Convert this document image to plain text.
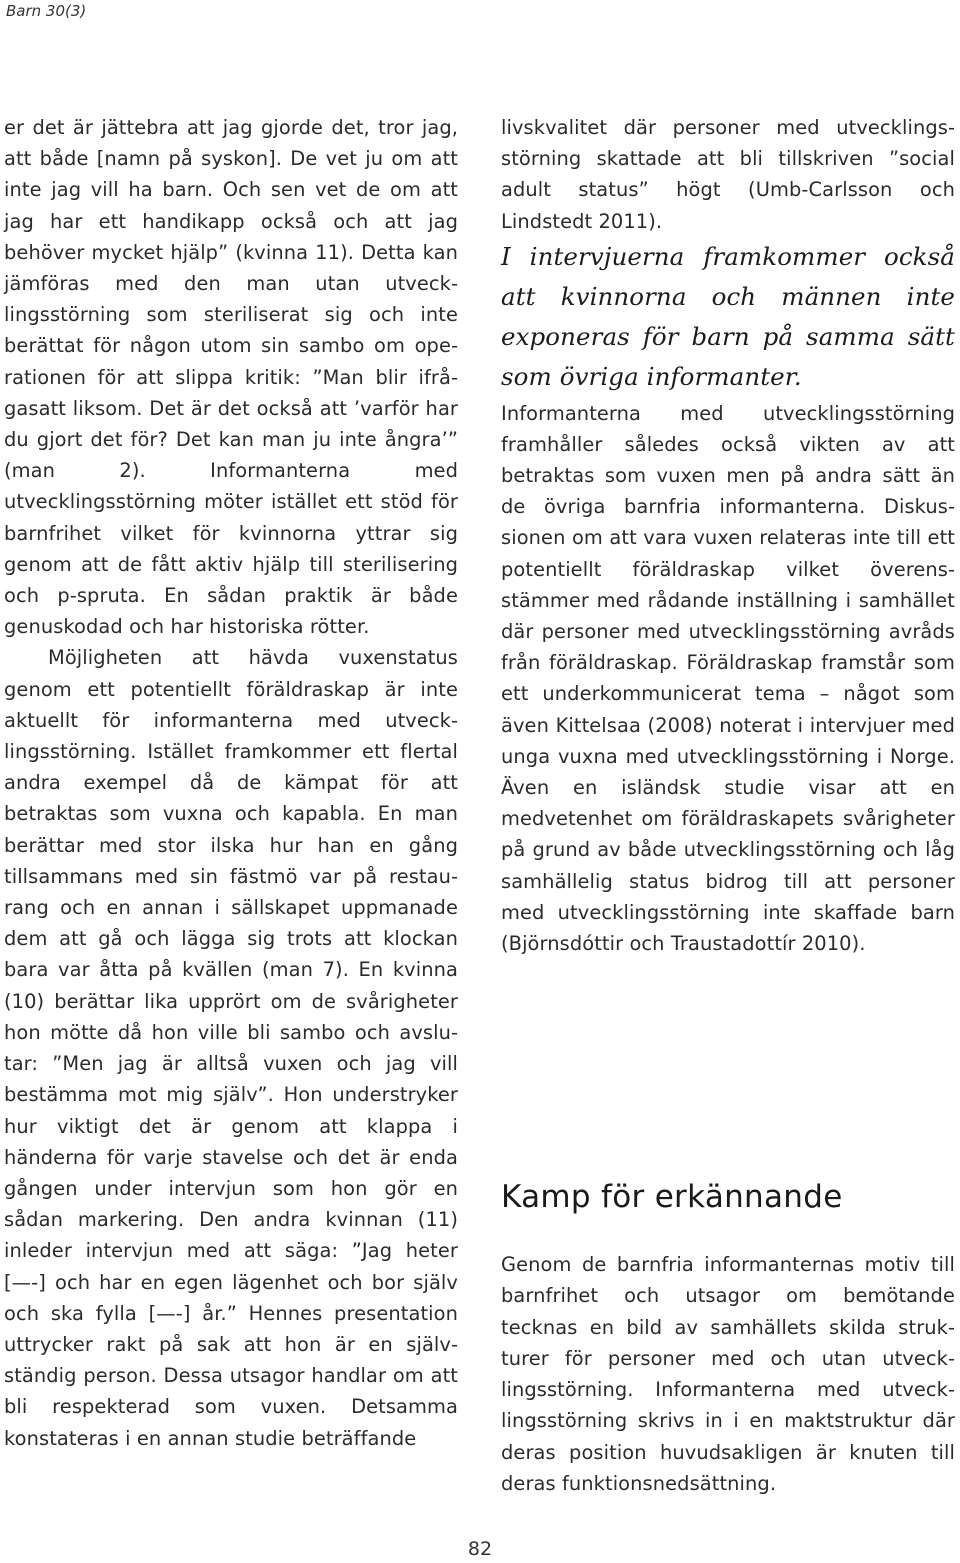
Barn 30(3)

er det är jättebra att jag gjorde det, tror jag, att både [namn på syskon]. De vet ju om att inte jag vill ha barn. Och sen vet de om att jag har ett handikapp också och att jag behöver mycket hjälp” (kvinna 11). Detta kan jämföras med den man utan utvecklingsstörning som steriliserat sig och inte berättat för någon utom sin sambo om operationen för att slippa kritik: ”Man blir ifrågasatt liksom. Det är det också att ’varför har du gjort det för? Det kan man ju inte ångra’” (man 2). Informanterna med utvecklingsstörning möter istället ett stöd för barnfrihet vilket för kvinnorna yttrar sig genom att de fått aktiv hjälp till sterilisering och p-spruta. En sådan praktik är både genuskodad och har historiska rötter.

Möjligheten att hävda vuxenstatus genom ett potentiellt föräldraskap är inte aktuellt för informanterna med utvecklingsstörning. Istället framkommer ett flertal andra exempel då de kämpat för att betraktas som vuxna och kapabla. En man berättar med stor ilska hur han en gång tillsammans med sin fästmö var på restaurang och en annan i sällskapet uppmanade dem att gå och lägga sig trots att klockan bara var åtta på kvällen (man 7). En kvinna (10) berättar lika upprört om de svårigheter hon mötte då hon ville bli sambo och avslutar: ”Men jag är alltså vuxen och jag vill bestämma mot mig själv”. Hon understryker hur viktigt det är genom att klappa i händerna för varje stavelse och det är enda gången under intervjun som hon gör en sådan markering. Den andra kvinnan (11) inleder intervjun med att säga: ”Jag heter [—-] och har en egen lägenhet och bor själv och ska fylla [—-] år.” Hennes presentation uttrycker rakt på sak att hon är en självständig person. Dessa utsagor handlar om att bli respekterad som vuxen. Detsamma konstateras i en annan studie beträffande

livskvalitet där personer med utvecklingsstörning skattade att bli tillskriven ”social adult status” högt (Umb-Carlsson och Lindstedt 2011).

I intervjuerna framkommer också att kvinnorna och männen inte exponeras för barn på samma sätt som övriga informanter.

Informanterna med utvecklingsstörning framhåller således också vikten av att betraktas som vuxen men på andra sätt än de övriga barnfria informanterna. Diskussionen om att vara vuxen relateras inte till ett potentiellt föräldraskap vilket överensstämmer med rådande inställning i samhället där personer med utvecklingsstörning avråds från föräldraskap. Föräldraskap framstår som ett underkommunicerat tema – något som även Kittelsaa (2008) noterat i intervjuer med unga vuxna med utvecklingsstörning i Norge. Även en isländsk studie visar att en medvetenhet om föräldraskapets svårigheter på grund av både utvecklingsstörning och låg samhällelig status bidrog till att personer med utvecklingsstörning inte skaffade barn (Björnsdóttir och Traustadottír 2010).

Kamp för erkännande

Genom de barnfria informanternas motiv till barnfrihet och utsagor om bemötande tecknas en bild av samhällets skilda strukturer för personer med och utan utvecklingsstörning. Informanterna med utvecklingsstörning skrivs in i en maktstruktur där deras position huvudsakligen är knuten till deras funktionsnedsättning.

82
